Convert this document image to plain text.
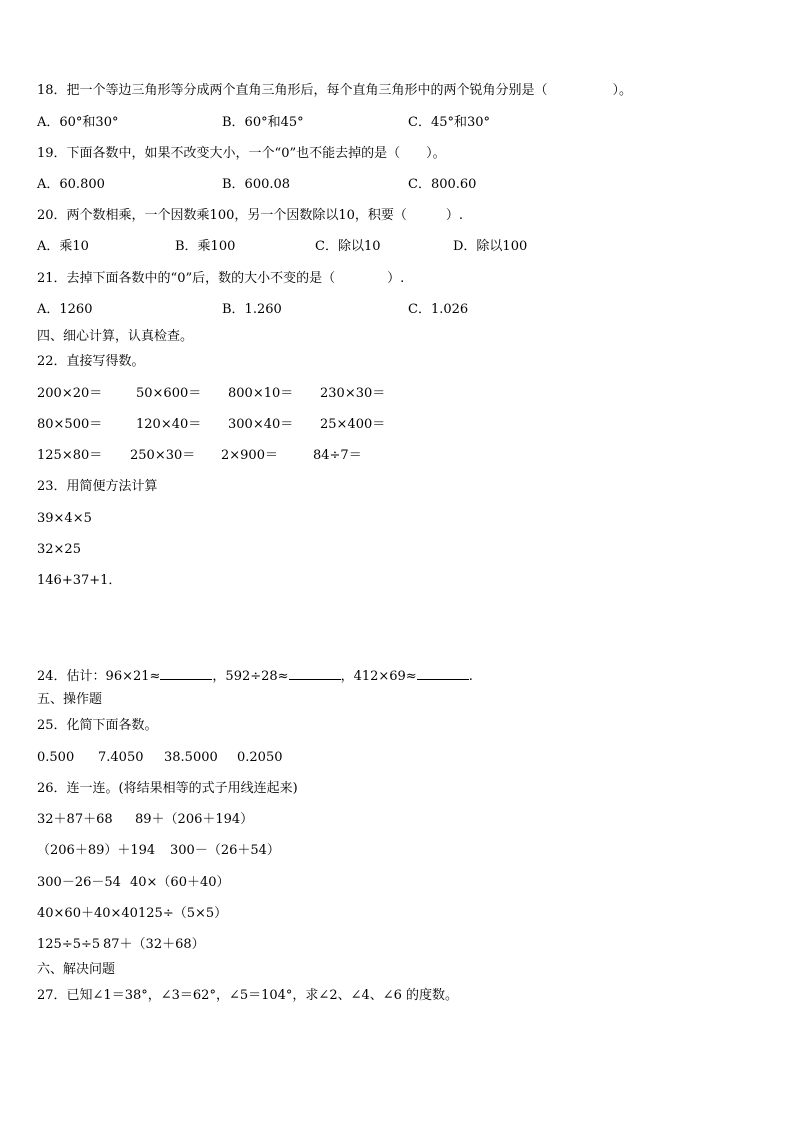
18．把一个等边三角形等分成两个直角三角形后，每个直角三角形中的两个锐角分别是（　　　　　）。
A．60°和30°	B．60°和45°	C．45°和30°
19．下面各数中，如果不改变大小，一个“0”也不能去掉的是（　　）。
A．60.800	B．600.08	C．800.60
20．两个数相乘，一个因数乘100，另一个因数除以10，积要（　　　）.
A．乘10	B．乘100	C．除以10	D．除以100
21．去掉下面各数中的“0”后，数的大小不变的是（　　　　）.
A．1260	B．1.260	C．1.026
四、细心计算，认真检查。
22．直接写得数。
200×20＝	50×600＝ 800×10＝ 230×30＝
80×500＝	120×40＝ 300×40＝ 25×400＝
125×80＝ 250×30＝ 2×900＝	84÷7＝
23．用简便方法计算
39×4×5
32×25
146+37+1．
24．估计：96×21≈	，592÷28≈	，412×69≈	.
五、操作题
25．化简下面各数。
0.500 7.4050 38.5000 0.2050
26．连一连。(将结果相等的式子用线连起来)
32＋87＋68 89＋（206＋194）
（206＋89）＋194 300－（26＋54）
300－26－54 40×（60＋40）
40×60＋40×40 125÷（5×5）
125÷5÷5 87＋（32＋68）
六、解决问题
27．已知∠1＝38°，∠3＝62°，∠5＝104°，求∠2、∠4、∠6 的度数。
